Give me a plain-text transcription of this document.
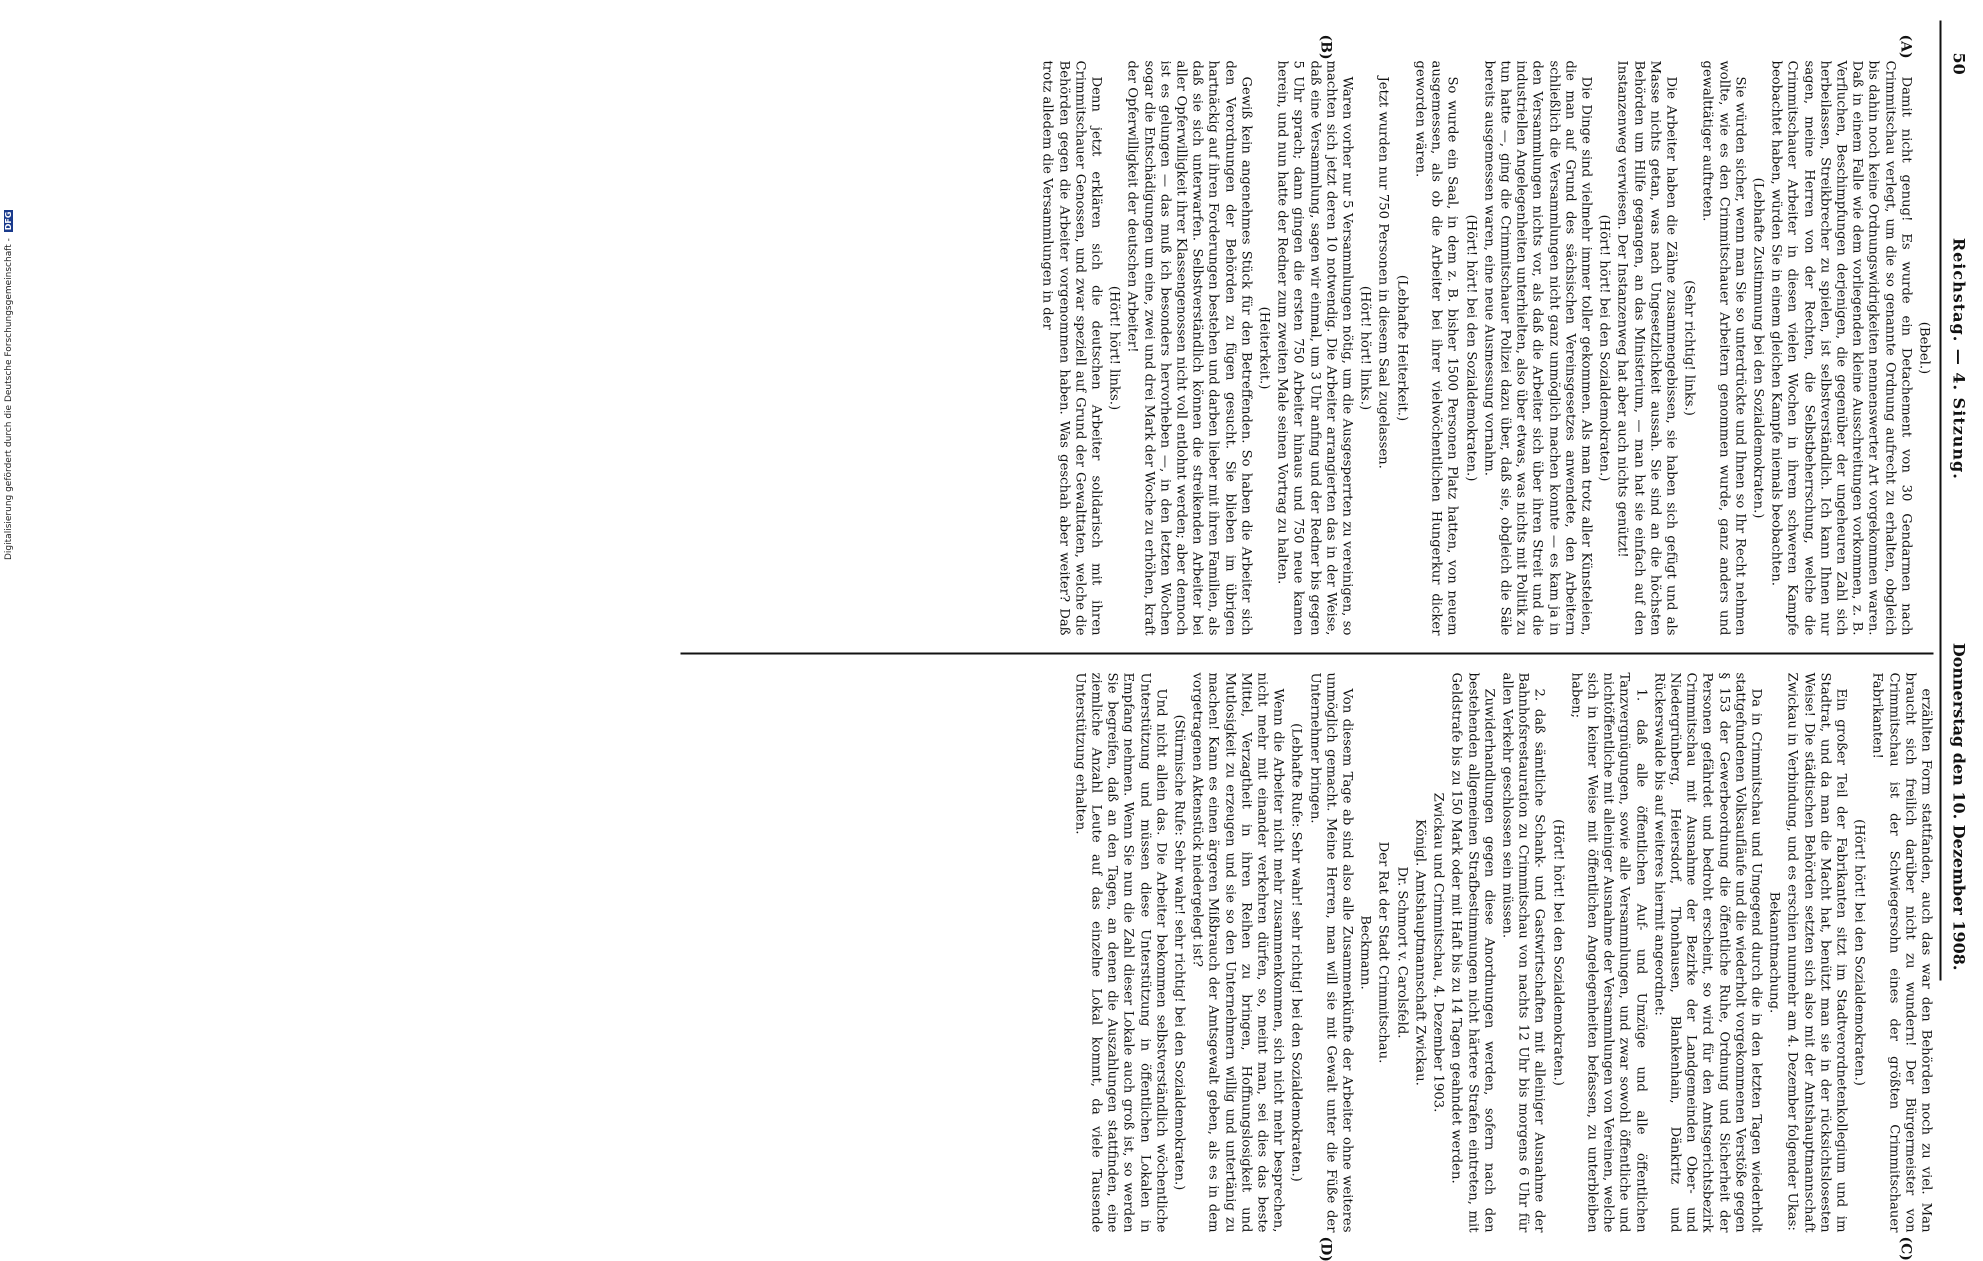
50
Reichstag. — 4. Sitzung.
Donnerstag den 10. Dezember 1908.
(A)
(B)
(C)
(D)

(Bebel.)

Damit nicht genug! Es wurde ein Detachement von 30 Gendarmen nach Crimmitschau verlegt, um die so genannte Ordnung aufrecht zu erhalten, obgleich bis dahin noch keine Ordnungswidrigkeiten nennenswerter Art vorgekommen waren. Daß in einem Falle wie dem vorliegenden kleine Ausschreitungen vorkommen, z. B. Verfluchen, Beschimpfungen derjenigen, die gegenüber der ungeheuren Zahl sich herbeilassen, Streikbrecher zu spielen, ist selbstverständlich. Ich kann Ihnen nur sagen, meine Herren von der Rechten, die Selbstbeherrschung, welche die Crimmitschauer Arbeiter in diesen vielen Wochen in ihrem schweren Kampfe beobachtet haben, würden Sie in einem gleichen Kampfe niemals beobachten.

(Lebhafte Zustimmung bei den Sozialdemokraten.)

Sie würden sicher, wenn man Sie so unterdrückte und Ihnen so Ihr Recht nehmen wollte, wie es den Crimmitschauer Arbeitern genommen wurde, ganz anders und gewalttätiger auftreten.

(Sehr richtig! links.)

Die Arbeiter haben die Zähne zusammengebissen, sie haben sich gefügt und als Masse nichts getan, was nach Ungesetzlichkeit aussah. Sie sind an die höchsten Behörden um Hilfe gegangen, an das Ministerium, — man hat sie einfach auf den Instanzenweg verwiesen. Der Instanzenweg hat aber auch nichts genützt!

(Hört! hört! bei den Sozialdemokraten.)

Die Dinge sind vielmehr immer toller gekommen. Als man trotz aller Künsteleien, die man auf Grund des sächsischen Vereinsgesetzes anwendete, den Arbeitern schließlich die Versammlungen nicht ganz unmöglich machen konnte — es kam ja in den Versammlungen nichts vor, als daß die Arbeiter sich über ihren Streit und die industriellen Angelegenheiten unterhielten, also über etwas, was nichts mit Politik zu tun hatte —, ging die Crimmitschauer Polizei dazu über, daß sie, obgleich die Säle bereits ausgemessen waren, eine neue Ausmessung vornahm.

(Hört! hört! bei den Sozialdemokraten.)

So wurde ein Saal, in dem z. B. bisher 1500 Personen Platz hatten, von neuem ausgemessen, als ob die Arbeiter bei ihrer vielwöchentlichen Hungerkur dicker geworden wären.

(Lebhafte Heiterkeit.)

Jetzt wurden nur 750 Personen in diesem Saal zugelassen.

(Hört! hört! links.)

Waren vorher nur 5 Versammlungen nötig, um die Ausgesperrten zu vereinigen, so machten sich jetzt deren 10 notwendig. Die Arbeiter arrangierten das in der Weise, daß eine Versammlung, sagen wir einmal, um 3 Uhr anfing und der Redner bis gegen 5 Uhr sprach; dann gingen die ersten 750 Arbeiter hinaus und 750 neue kamen herein, und nun hatte der Redner zum zweiten Male seinen Vortrag zu halten.

(Heiterkeit.)

Gewiß kein angenehmes Stück für den Betreffenden. So haben die Arbeiter sich den Verordnungen der Behörden zu fügen gesucht. Sie blieben im übrigen hartnäckig auf ihren Forderungen bestehen und darben lieber mit ihren Familien, als daß sie sich unterwarfen. Selbstverständlich können die streikenden Arbeiter bei aller Opferwilligkeit ihrer Klassengenossen nicht voll entlohnt werden; aber dennoch ist es gelungen — das muß ich besonders hervorheben —, in den letzten Wochen sogar die Entschädigungen um eine, zwei und drei Mark der Woche zu erhöhen, kraft der Opferwilligkeit der deutschen Arbeiter!

(Hört! hört! links.)

Denn jetzt erklären sich die deutschen Arbeiter solidarisch mit ihren Crimmitschauer Genossen, und zwar speziell auf Grund der Gewalttaten, welche die Behörden gegen die Arbeiter vorgenommen haben. Was geschah aber weiter? Daß trotz alledem die Versammlungen in der

erzählten Form stattfanden, auch das war den Behörden noch zu viel. Man braucht sich freilich darüber nicht zu wundern! Der Bürgermeister von Crimmitschau ist der Schwiegersohn eines der größten Crimmitschauer Fabrikanten!

(Hört! hört! bei den Sozialdemokraten.)

Ein großer Teil der Fabrikanten sitzt im Stadtverordnetenkollegium und im Stadtrat, und da man die Macht hat, benützt man sie in der rücksichtslosesten Weise! Die städtischen Behörden setzten sich also mit der Amtshauptmannschaft Zwickau in Verbindung, und es erschien nunmehr am 4. Dezember folgender Ukas:

Bekanntmachung.

Da in Crimmitschau und Umgegend durch die in den letzten Tagen wiederholt stattgefundenen Volksaufläufe und die wiederholt vorgekommenen Verstöße gegen § 153 der Gewerbeordnung die öffentliche Ruhe, Ordnung und Sicherheit der Personen gefährdet und bedroht erscheint, so wird für den Amtsgerichtsbezirk Crimmitschau mit Ausnahme der Bezirke der Landgemeinden Ober- und Niedergrünberg, Heiersdorf, Thonhausen, Blankenhain, Dänkritz und Rückerswalde bis auf weiteres hiermit angeordnet:

1. daß alle öffentlichen Auf- und Umzüge und alle öffentlichen Tanzvergnügungen, sowie alle Versammlungen, und zwar sowohl öffentliche und nichtöffentliche mit alleiniger Ausnahme der Versammlungen von Vereinen, welche sich in keiner Weise mit öffentlichen Angelegenheiten befassen, zu unterbleiben haben;

(Hört! hört! bei den Sozialdemokraten.)

2. daß sämtliche Schank- und Gastwirtschaften mit alleiniger Ausnahme der Bahnhofsrestauration zu Crimmitschau von nachts 12 Uhr bis morgens 6 Uhr für allen Verkehr geschlossen sein müssen.

Zuwiderhandlungen gegen diese Anordnungen werden, sofern nach den bestehenden allgemeinen Strafbestimmungen nicht härtere Strafen eintreten, mit Geldstrafe bis zu 150 Mark oder mit Haft bis zu 14 Tagen geahndet werden.

Zwickau und Crimmitschau, 4. Dezember 1903.

Königl. Amtshauptmannschaft Zwickau.

Dr. Schmort v. Carolsfeld.

Der Rat der Stadt Crimmitschau.

Beckmann.

Von diesem Tage ab sind also alle Zusammenkünfte der Arbeiter ohne weiteres unmöglich gemacht. Meine Herren, man will sie mit Gewalt unter die Füße der Unternehmer bringen.

(Lebhafte Rufe: Sehr wahr! sehr richtig! bei den Sozialdemokraten.)

Wenn die Arbeiter nicht mehr zusammenkommen, sich nicht mehr besprechen, nicht mehr mit einander verkehren dürfen, so, meint man, sei dies das beste Mittel, Verzagtheit in ihren Reihen zu bringen, Hoffnungslosigkeit und Mutlosigkeit zu erzeugen und sie so den Unternehmern willig und untertänig zu machen! Kann es einen ärgeren Mißbrauch der Amtsgewalt geben, als es in dem vorgetragenen Aktenstück niedergelegt ist?

(Stürmische Rufe: Sehr wahr! sehr richtig! bei den Sozialdemokraten.)

Und nicht allein das. Die Arbeiter bekommen selbstverständlich wöchentliche Unterstützung und müssen diese Unterstützung in öffentlichen Lokalen in Empfang nehmen. Wenn Sie nun die Zahl dieser Lokale auch groß ist, so werden Sie begreifen, daß an den Tagen, an denen die Auszahlungen stattfinden, eine ziemliche Anzahl Leute auf das einzelne Lokal kommt, da viele Tausende Unterstützung erhalten.

Digitalisierung gefördert durch die Deutsche Forschungsgemeinschaft - DFG
